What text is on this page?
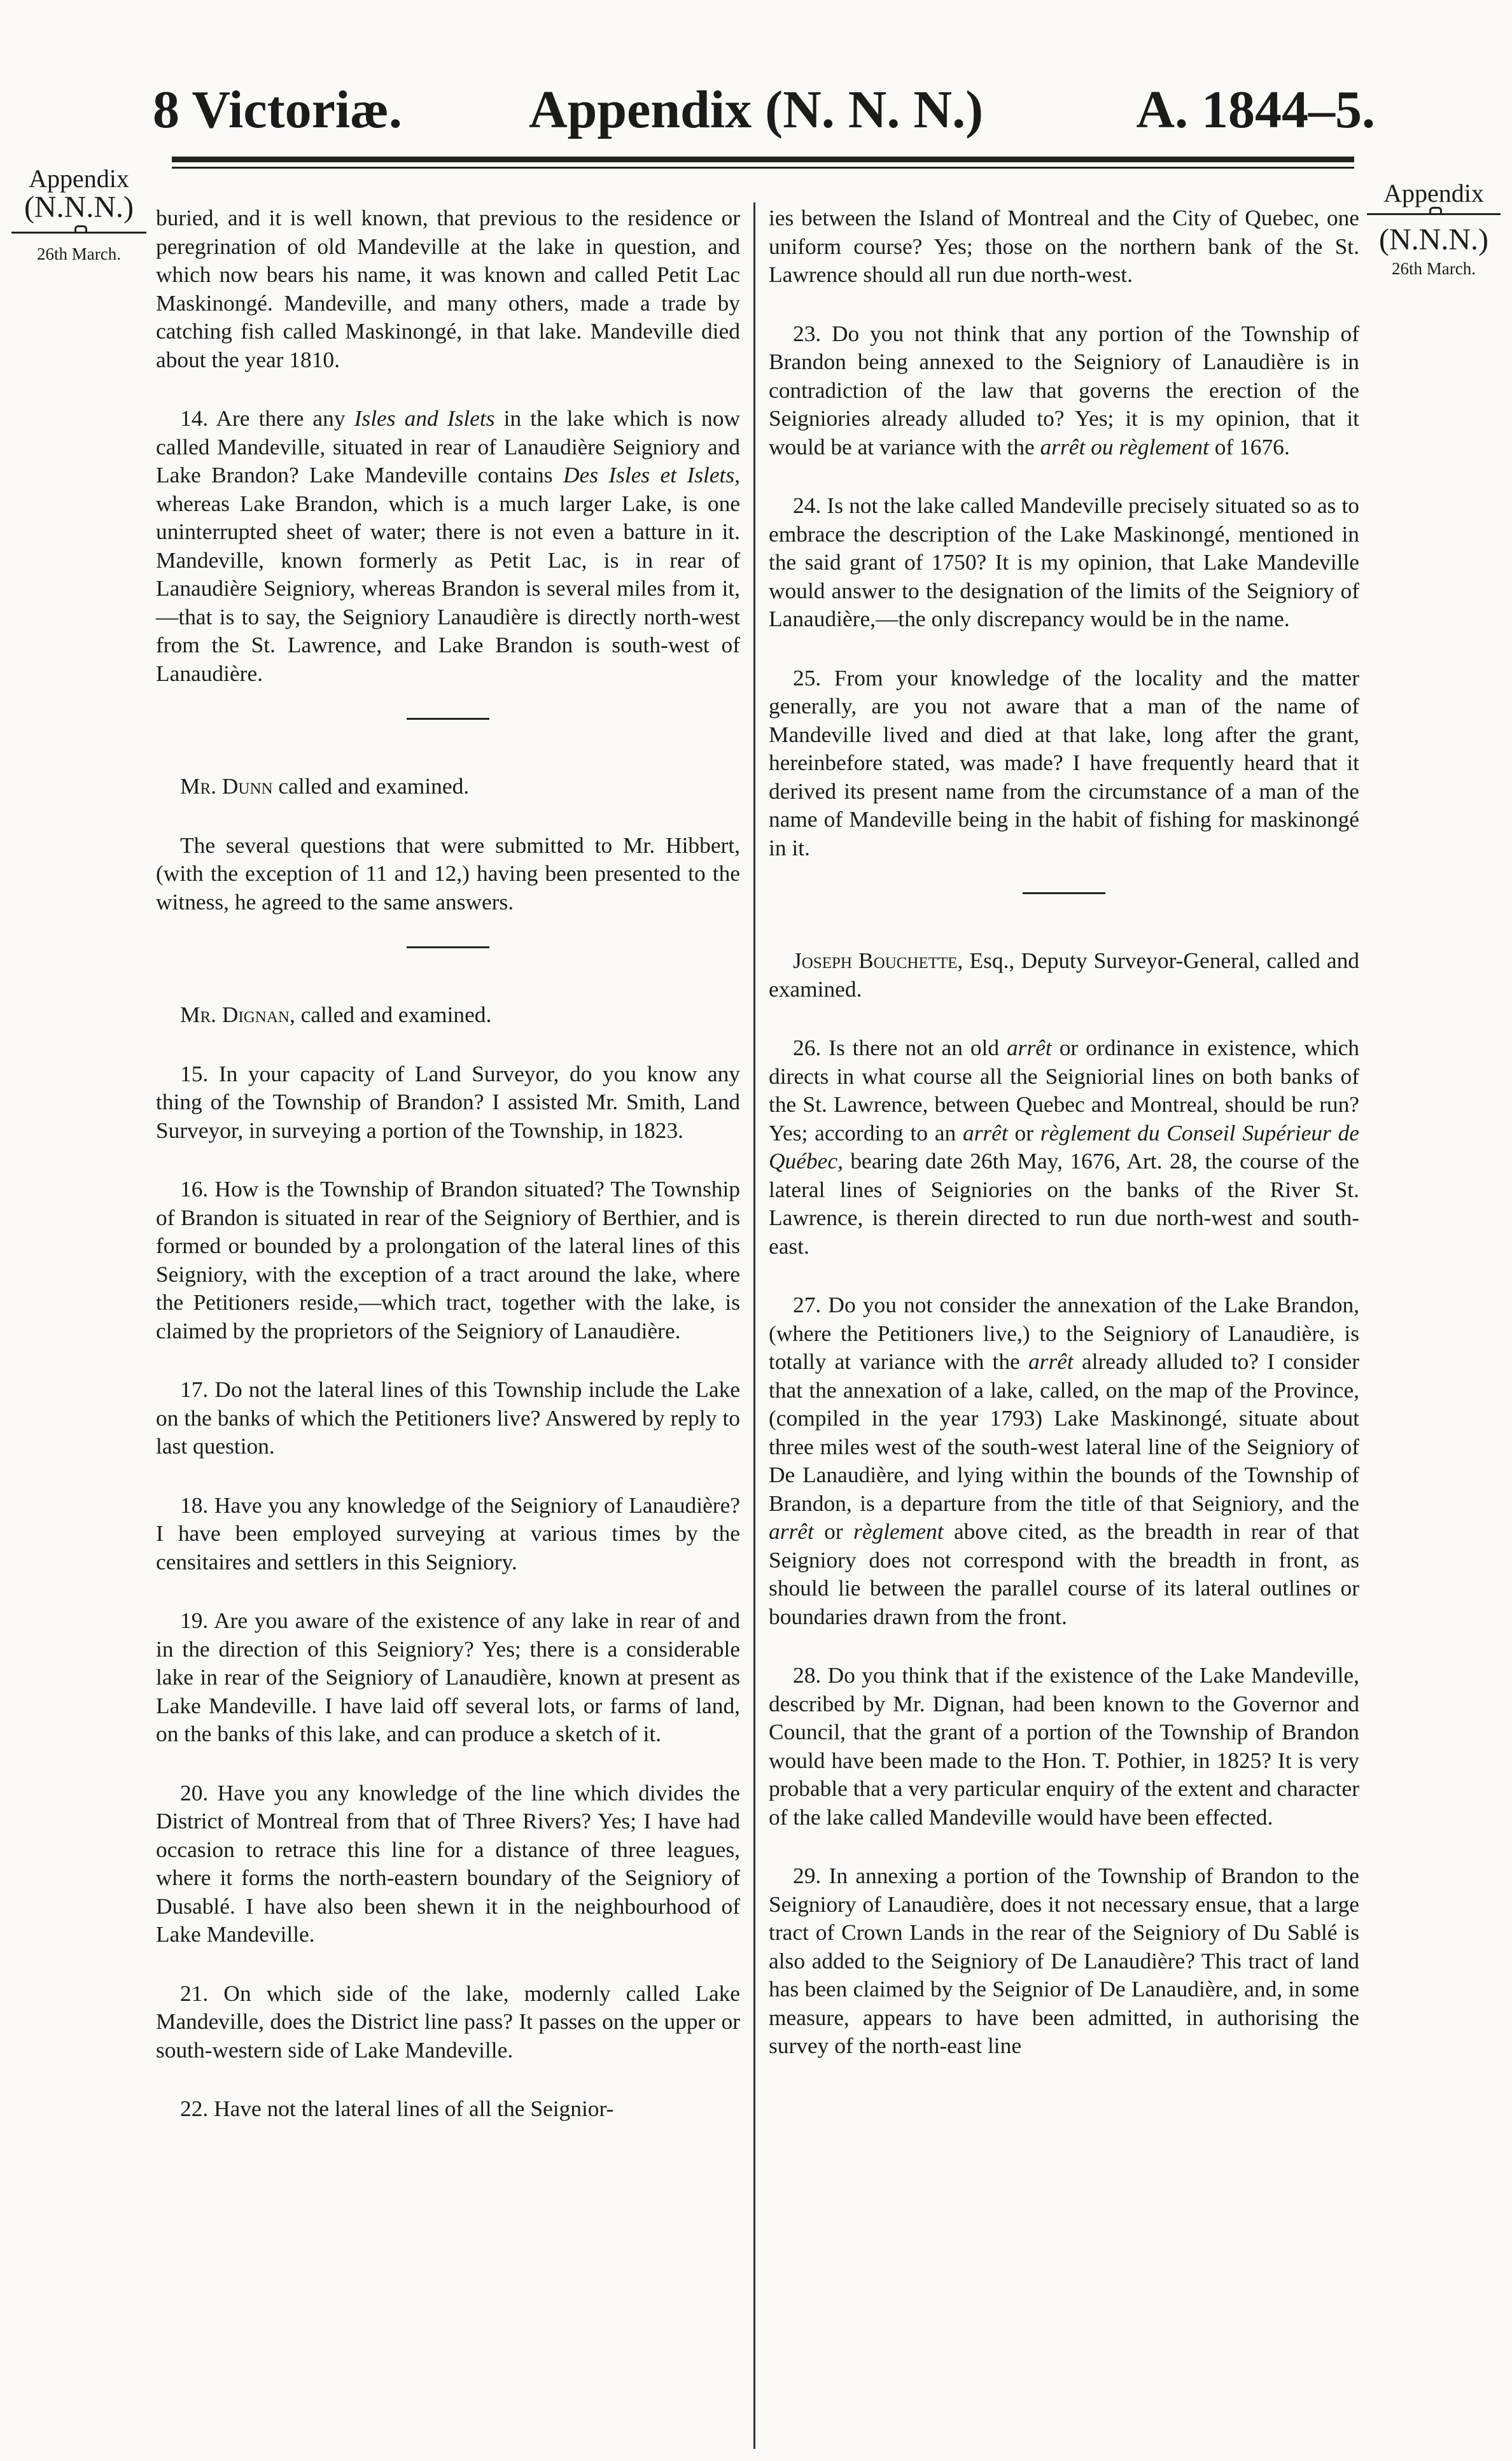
Appendix (N. N. N.)
8 Victoriæ.	A. 1844–5.
Appendix
(N.N.N.)
26th March.
Appendix
(N.N.N.)
26th March.

buried, and it is well known, that previous to the residence or peregrination of old Mandeville at the lake in question, and which now bears his name, it was known and called Petit Lac Maskinongé. Mandeville, and many others, made a trade by catching fish called Maskinongé, in that lake. Mandeville died about the year 1810.

14. Are there any Isles and Islets in the lake which is now called Mandeville, situated in rear of Lanaudière Seigniory and Lake Brandon? Lake Mandeville contains Des Isles et Islets, whereas Lake Brandon, which is a much larger Lake, is one uninterrupted sheet of water; there is not even a batture in it. Mandeville, known formerly as Petit Lac, is in rear of Lanaudière Seigniory, whereas Brandon is several miles from it,—that is to say, the Seigniory Lanaudière is directly north-west from the St. Lawrence, and Lake Brandon is south-west of Lanaudière.

Mr. Dunn called and examined.

The several questions that were submitted to Mr. Hibbert, (with the exception of 11 and 12,) having been presented to the witness, he agreed to the same answers.

Mr. Dignan, called and examined.

15. In your capacity of Land Surveyor, do you know any thing of the Township of Brandon? I assisted Mr. Smith, Land Surveyor, in surveying a portion of the Township, in 1823.

16. How is the Township of Brandon situated? The Township of Brandon is situated in rear of the Seigniory of Berthier, and is formed or bounded by a prolongation of the lateral lines of this Seigniory, with the exception of a tract around the lake, where the Petitioners reside,—which tract, together with the lake, is claimed by the proprietors of the Seigniory of Lanaudière.

17. Do not the lateral lines of this Township include the Lake on the banks of which the Petitioners live? Answered by reply to last question.

18. Have you any knowledge of the Seigniory of Lanaudière? I have been employed surveying at various times by the censitaires and settlers in this Seigniory.

19. Are you aware of the existence of any lake in rear of and in the direction of this Seigniory? Yes; there is a considerable lake in rear of the Seigniory of Lanaudière, known at present as Lake Mandeville. I have laid off several lots, or farms of land, on the banks of this lake, and can produce a sketch of it.

20. Have you any knowledge of the line which divides the District of Montreal from that of Three Rivers? Yes; I have had occasion to retrace this line for a distance of three leagues, where it forms the north-eastern boundary of the Seigniory of Dusablé. I have also been shewn it in the neighbourhood of Lake Mandeville.

21. On which side of the lake, modernly called Lake Mandeville, does the District line pass? It passes on the upper or south-western side of Lake Mandeville.

22. Have not the lateral lines of all the Seignior-

ies between the Island of Montreal and the City of Quebec, one uniform course? Yes; those on the northern bank of the St. Lawrence should all run due north-west.

23. Do you not think that any portion of the Township of Brandon being annexed to the Seigniory of Lanaudière is in contradiction of the law that governs the erection of the Seigniories already alluded to? Yes; it is my opinion, that it would be at variance with the arrêt ou règlement of 1676.

24. Is not the lake called Mandeville precisely situated so as to embrace the description of the Lake Maskinongé, mentioned in the said grant of 1750? It is my opinion, that Lake Mandeville would answer to the designation of the limits of the Seigniory of Lanaudière,—the only discrepancy would be in the name.

25. From your knowledge of the locality and the matter generally, are you not aware that a man of the name of Mandeville lived and died at that lake, long after the grant, hereinbefore stated, was made? I have frequently heard that it derived its present name from the circumstance of a man of the name of Mandeville being in the habit of fishing for maskinongé in it.

Joseph Bouchette, Esq., Deputy Surveyor-General, called and examined.

26. Is there not an old arrêt or ordinance in existence, which directs in what course all the Seigniorial lines on both banks of the St. Lawrence, between Quebec and Montreal, should be run? Yes; according to an arrêt or règlement du Conseil Supérieur de Québec, bearing date 26th May, 1676, Art. 28, the course of the lateral lines of Seigniories on the banks of the River St. Lawrence, is therein directed to run due north-west and south-east.

27. Do you not consider the annexation of the Lake Brandon, (where the Petitioners live,) to the Seigniory of Lanaudière, is totally at variance with the arrêt already alluded to? I consider that the annexation of a lake, called, on the map of the Province, (compiled in the year 1793) Lake Maskinongé, situate about three miles west of the south-west lateral line of the Seigniory of De Lanaudière, and lying within the bounds of the Township of Brandon, is a departure from the title of that Seigniory, and the arrêt or règlement above cited, as the breadth in rear of that Seigniory does not correspond with the breadth in front, as should lie between the parallel course of its lateral outlines or boundaries drawn from the front.

28. Do you think that if the existence of the Lake Mandeville, described by Mr. Dignan, had been known to the Governor and Council, that the grant of a portion of the Township of Brandon would have been made to the Hon. T. Pothier, in 1825? It is very probable that a very particular enquiry of the extent and character of the lake called Mandeville would have been effected.

29. In annexing a portion of the Township of Brandon to the Seigniory of Lanaudière, does it not necessary ensue, that a large tract of Crown Lands in the rear of the Seigniory of Du Sablé is also added to the Seigniory of De Lanaudière? This tract of land has been claimed by the Seignior of De Lanaudière, and, in some measure, appears to have been admitted, in authorising the survey of the north-east line
